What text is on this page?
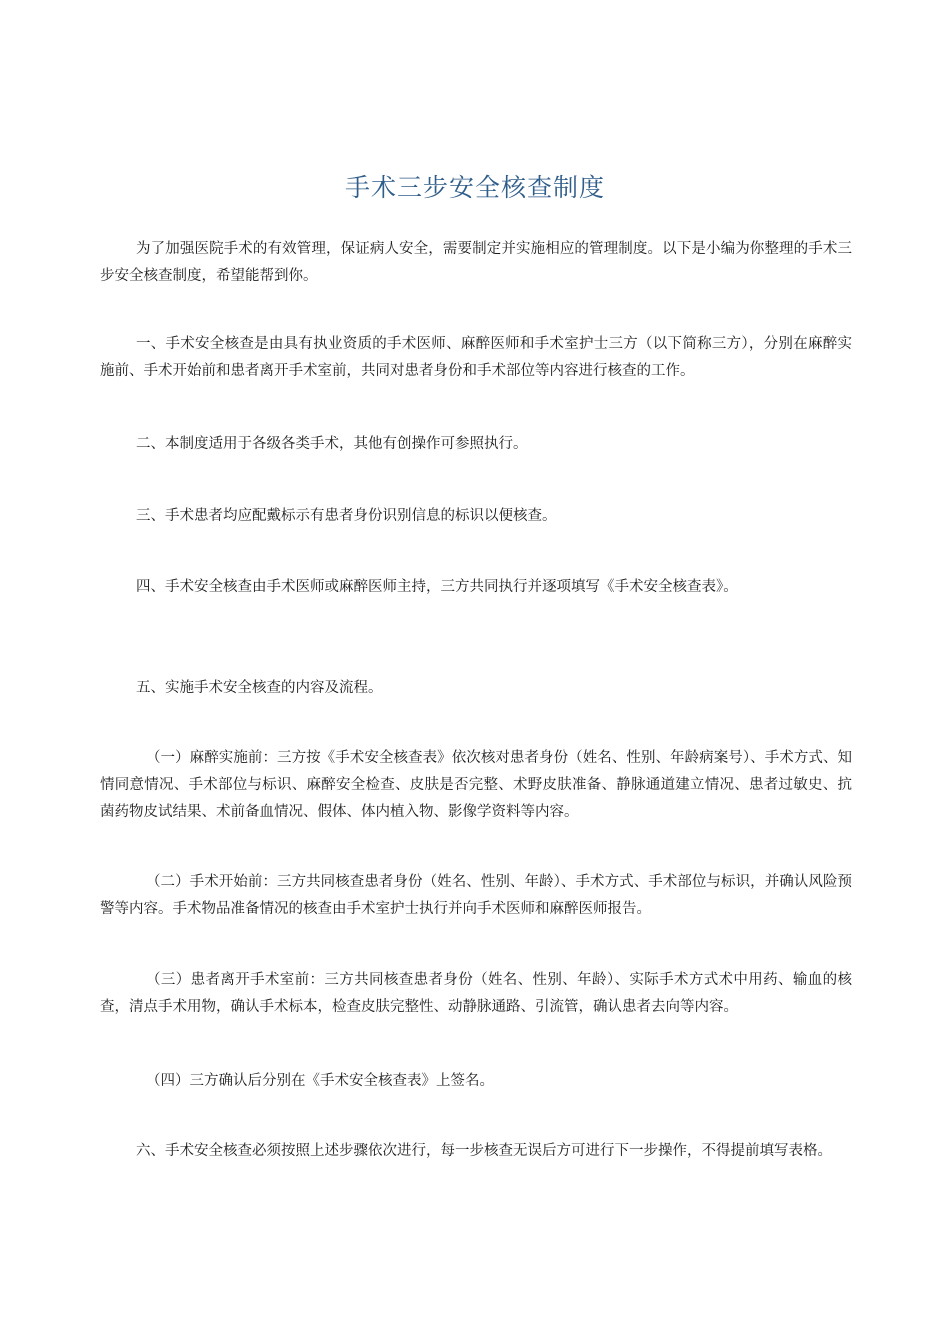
手术三步安全核查制度
为了加强医院手术的有效管理，保证病人安全，需要制定并实施相应的管理制度。以下是小编为你整理的手术三步安全核查制度，希望能帮到你。
一、手术安全核查是由具有执业资质的手术医师、麻醉医师和手术室护士三方（以下简称三方），分别在麻醉实施前、手术开始前和患者离开手术室前，共同对患者身份和手术部位等内容进行核查的工作。
二、本制度适用于各级各类手术，其他有创操作可参照执行。
三、手术患者均应配戴标示有患者身份识别信息的标识以便核查。
四、手术安全核查由手术医师或麻醉医师主持，三方共同执行并逐项填写《手术安全核查表》。
五、实施手术安全核查的内容及流程。
（一）麻醉实施前：三方按《手术安全核查表》依次核对患者身份（姓名、性别、年龄病案号）、手术方式、知情同意情况、手术部位与标识、麻醉安全检查、皮肤是否完整、术野皮肤准备、静脉通道建立情况、患者过敏史、抗菌药物皮试结果、术前备血情况、假体、体内植入物、影像学资料等内容。
（二）手术开始前：三方共同核查患者身份（姓名、性别、年龄）、手术方式、手术部位与标识，并确认风险预警等内容。手术物品准备情况的核查由手术室护士执行并向手术医师和麻醉医师报告。
（三）患者离开手术室前：三方共同核查患者身份（姓名、性别、年龄）、实际手术方式术中用药、输血的核查，清点手术用物，确认手术标本，检查皮肤完整性、动静脉通路、引流管，确认患者去向等内容。
（四）三方确认后分别在《手术安全核查表》上签名。
六、手术安全核查必须按照上述步骤依次进行，每一步核查无误后方可进行下一步操作，不得提前填写表格。
